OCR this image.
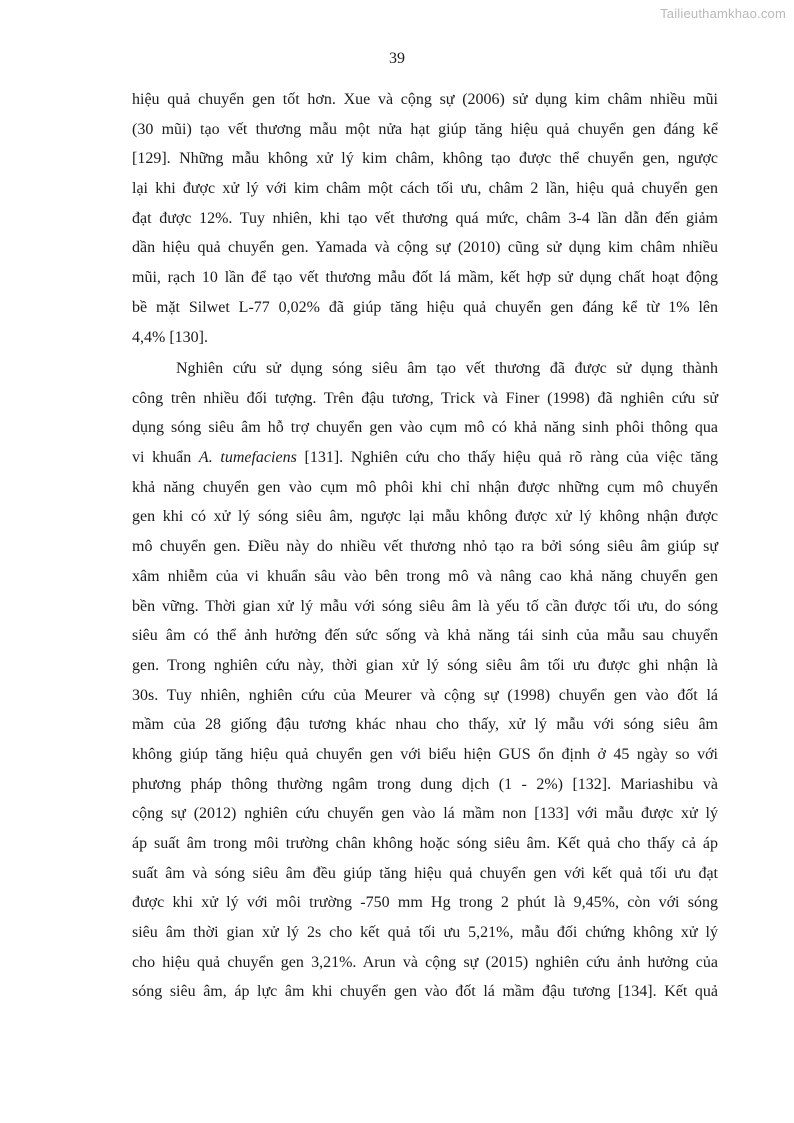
Tailieuthamkhao.com
39
hiệu quả chuyển gen tốt hơn. Xue và cộng sự (2006) sử dụng kim châm nhiều mũi
(30 mũi) tạo vết thương mẫu một nửa hạt giúp tăng hiệu quả chuyển gen đáng kể
[129]. Những mẫu không xử lý kim châm, không tạo được thể chuyển gen, ngược
lại khi được xử lý với kim châm một cách tối ưu, châm 2 lần, hiệu quả chuyển gen
đạt được 12%. Tuy nhiên, khi tạo vết thương quá mức, châm 3-4 lần dẫn đến giảm
dần hiệu quả chuyển gen. Yamada và cộng sự (2010) cũng sử dụng kim châm nhiều
mũi, rạch 10 lần để tạo vết thương mẫu đốt lá mầm, kết hợp sử dụng chất hoạt động
bề mặt Silwet L-77 0,02% đã giúp tăng hiệu quả chuyển gen đáng kể từ 1% lên
4,4% [130].
Nghiên cứu sử dụng sóng siêu âm tạo vết thương đã được sử dụng thành
công trên nhiều đối tượng. Trên đậu tương, Trick và Finer (1998) đã nghiên cứu sử
dụng sóng siêu âm hỗ trợ chuyển gen vào cụm mô có khả năng sinh phôi thông qua
vi khuẩn A. tumefaciens [131]. Nghiên cứu cho thấy hiệu quả rõ ràng của việc tăng
khả năng chuyển gen vào cụm mô phôi khi chỉ nhận được những cụm mô chuyển
gen khi có xử lý sóng siêu âm, ngược lại mẫu không được xử lý không nhận được
mô chuyển gen. Điều này do nhiều vết thương nhỏ tạo ra bởi sóng siêu âm giúp sự
xâm nhiễm của vi khuẩn sâu vào bên trong mô và nâng cao khả năng chuyển gen
bền vững. Thời gian xử lý mẫu với sóng siêu âm là yếu tố cần được tối ưu, do sóng
siêu âm có thể ảnh hưởng đến sức sống và khả năng tái sinh của mẫu sau chuyển
gen. Trong nghiên cứu này, thời gian xử lý sóng siêu âm tối ưu được ghi nhận là
30s. Tuy nhiên, nghiên cứu của Meurer và cộng sự (1998) chuyển gen vào đốt lá
mầm của 28 giống đậu tương khác nhau cho thấy, xử lý mẫu với sóng siêu âm
không giúp tăng hiệu quả chuyển gen với biểu hiện GUS ổn định ở 45 ngày so với
phương pháp thông thường ngâm trong dung dịch (1 - 2%) [132]. Mariashibu và
cộng sự (2012) nghiên cứu chuyển gen vào lá mầm non [133] với mẫu được xử lý
áp suất âm trong môi trường chân không hoặc sóng siêu âm. Kết quả cho thấy cả áp
suất âm và sóng siêu âm đều giúp tăng hiệu quả chuyển gen với kết quả tối ưu đạt
được khi xử lý với môi trường -750 mm Hg trong 2 phút là 9,45%, còn với sóng
siêu âm thời gian xử lý 2s cho kết quả tối ưu 5,21%, mẫu đối chứng không xử lý
cho hiệu quả chuyển gen 3,21%. Arun và cộng sự (2015) nghiên cứu ảnh hưởng của
sóng siêu âm, áp lực âm khi chuyển gen vào đốt lá mầm đậu tương [134]. Kết quả
